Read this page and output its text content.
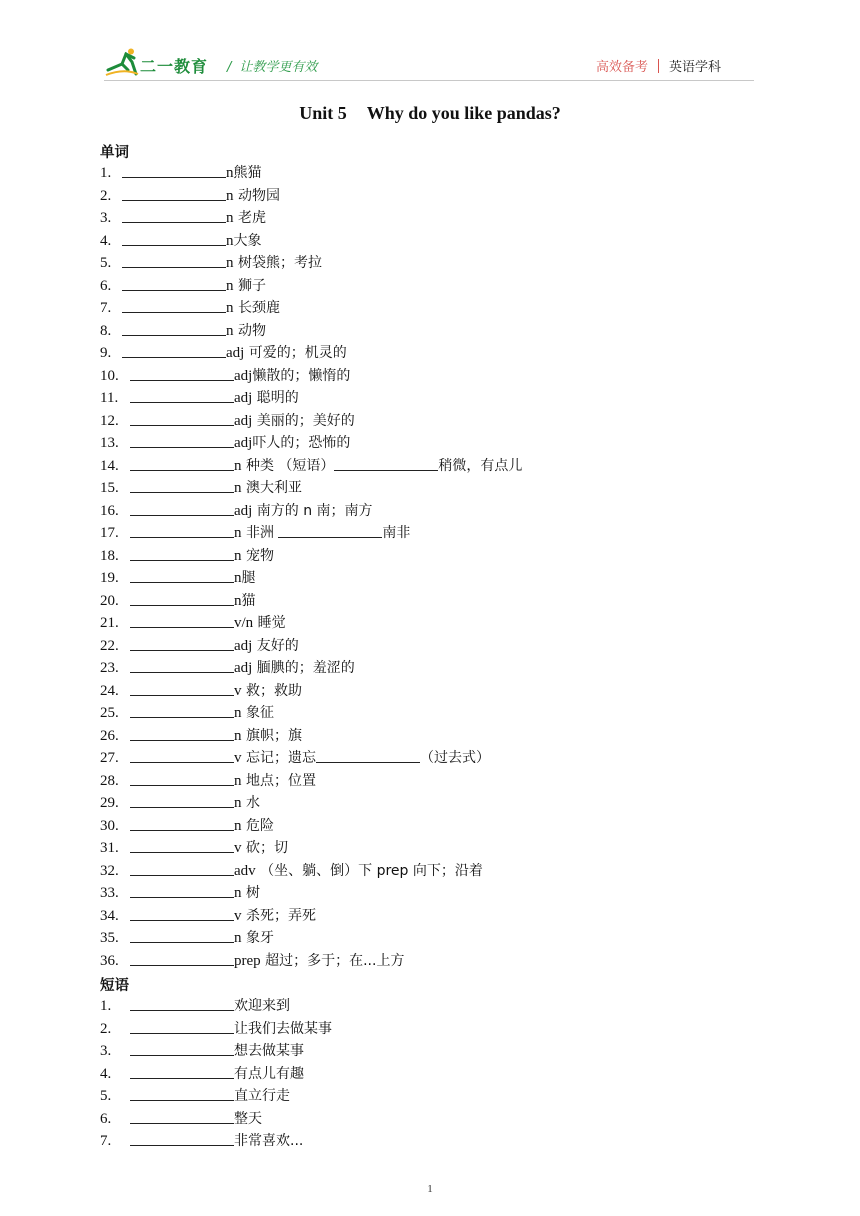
二一教育 / 让教学更有效	高效备考 英语学科
Unit 5 Why do you like pandas?
单词
1.	n熊猫
2.	n 动物园
3.	n 老虎
4.	n大象
5.	n 树袋熊；考拉
6.	n 狮子
7.	n 长颈鹿
8.	n 动物
9.	adj 可爱的；机灵的
10.	adj懒散的；懒惰的
11.	adj 聪明的
12.	adj 美丽的；美好的
13.	adj吓人的；恐怖的
14.	n 种类 （短语）	稍微，有点儿
15.	n 澳大利亚
16.	adj 南方的 n 南；南方
17.	n 非洲	南非
18.	n 宠物
19.	n腿
20.	n猫
21.	v/n 睡觉
22.	adj 友好的
23.	adj 腼腆的；羞涩的
24.	v 救；救助
25.	n 象征
26.	n 旗帜；旗
27.	v 忘记；遗忘	（过去式）
28.	n 地点；位置
29.	n 水
30.	n 危险
31.	v 砍；切
32.	adv （坐、躺、倒）下 prep 向下；沿着
33.	n 树
34.	v 杀死；弄死
35.	n 象牙
36.	prep 超过；多于；在...上方
短语
1.	欢迎来到
2.	让我们去做某事
3.	想去做某事
4.	有点儿有趣
5.	直立行走
6.	整天
7.	非常喜欢...
1
